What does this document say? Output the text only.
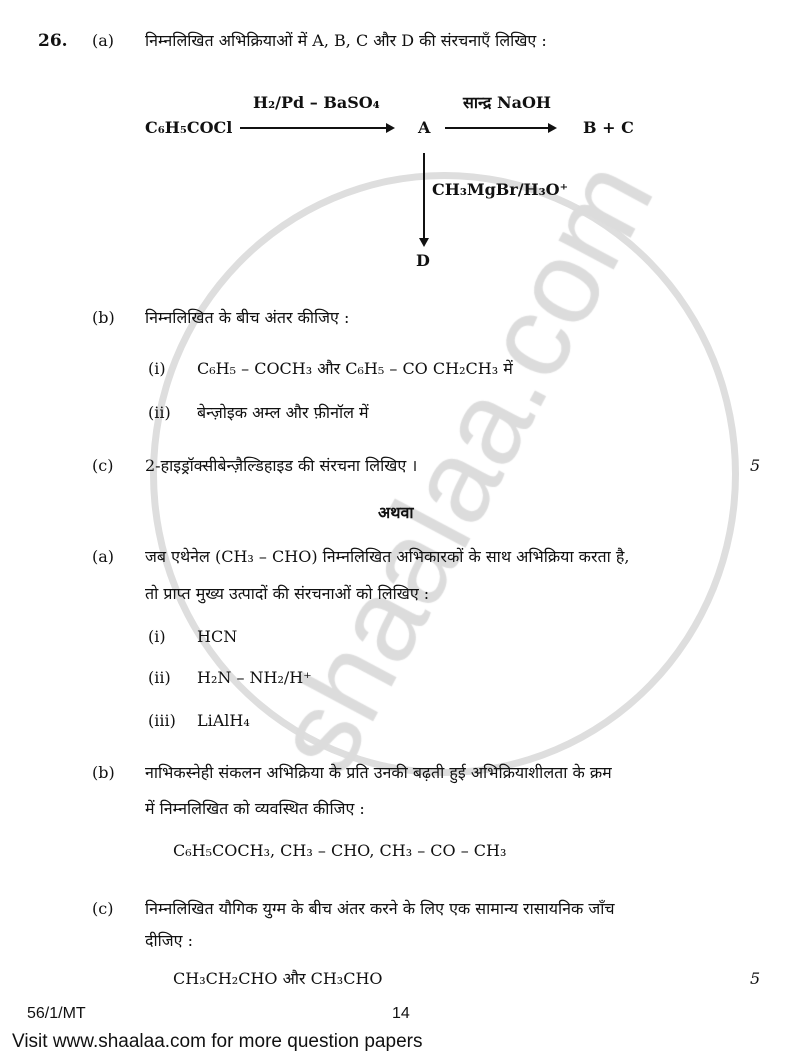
26. (a) निम्नलिखित अभिक्रियाओं में A, B, C और D की संरचनाएँ लिखिए :
C₆H₅COCl
H₂/Pd – BaSO₄
A
सान्द्र NaOH
B + C
CH₃MgBr/H₃O⁺
D
(b) निम्नलिखित के बीच अंतर कीजिए :
(i) C₆H₅ – COCH₃ और C₆H₅ – CO CH₂CH₃ में
(ii) बेन्ज़ोइक अम्ल और फ़ीनॉल में
(c) 2-हाइड्रॉक्सीबेन्ज़ैल्डिहाइड की संरचना लिखिए ।	5
अथवा
(a) जब एथेनेल (CH₃ – CHO) निम्नलिखित अभिकारकों के साथ अभिक्रिया करता है,
तो प्राप्त मुख्य उत्पादों की संरचनाओं को लिखिए :
(i) HCN
(ii) H₂N – NH₂/H⁺
(iii) LiAlH₄
(b) नाभिकस्नेही संकलन अभिक्रिया के प्रति उनकी बढ़ती हुई अभिक्रियाशीलता के क्रम
में निम्नलिखित को व्यवस्थित कीजिए :
C₆H₅COCH₃, CH₃ – CHO, CH₃ – CO – CH₃
(c) निम्नलिखित यौगिक युग्म के बीच अंतर करने के लिए एक सामान्य रासायनिक जाँच
दीजिए :
CH₃CH₂CHO और CH₃CHO	5
56/1/MT	14
Visit www.shaalaa.com for more question papers
